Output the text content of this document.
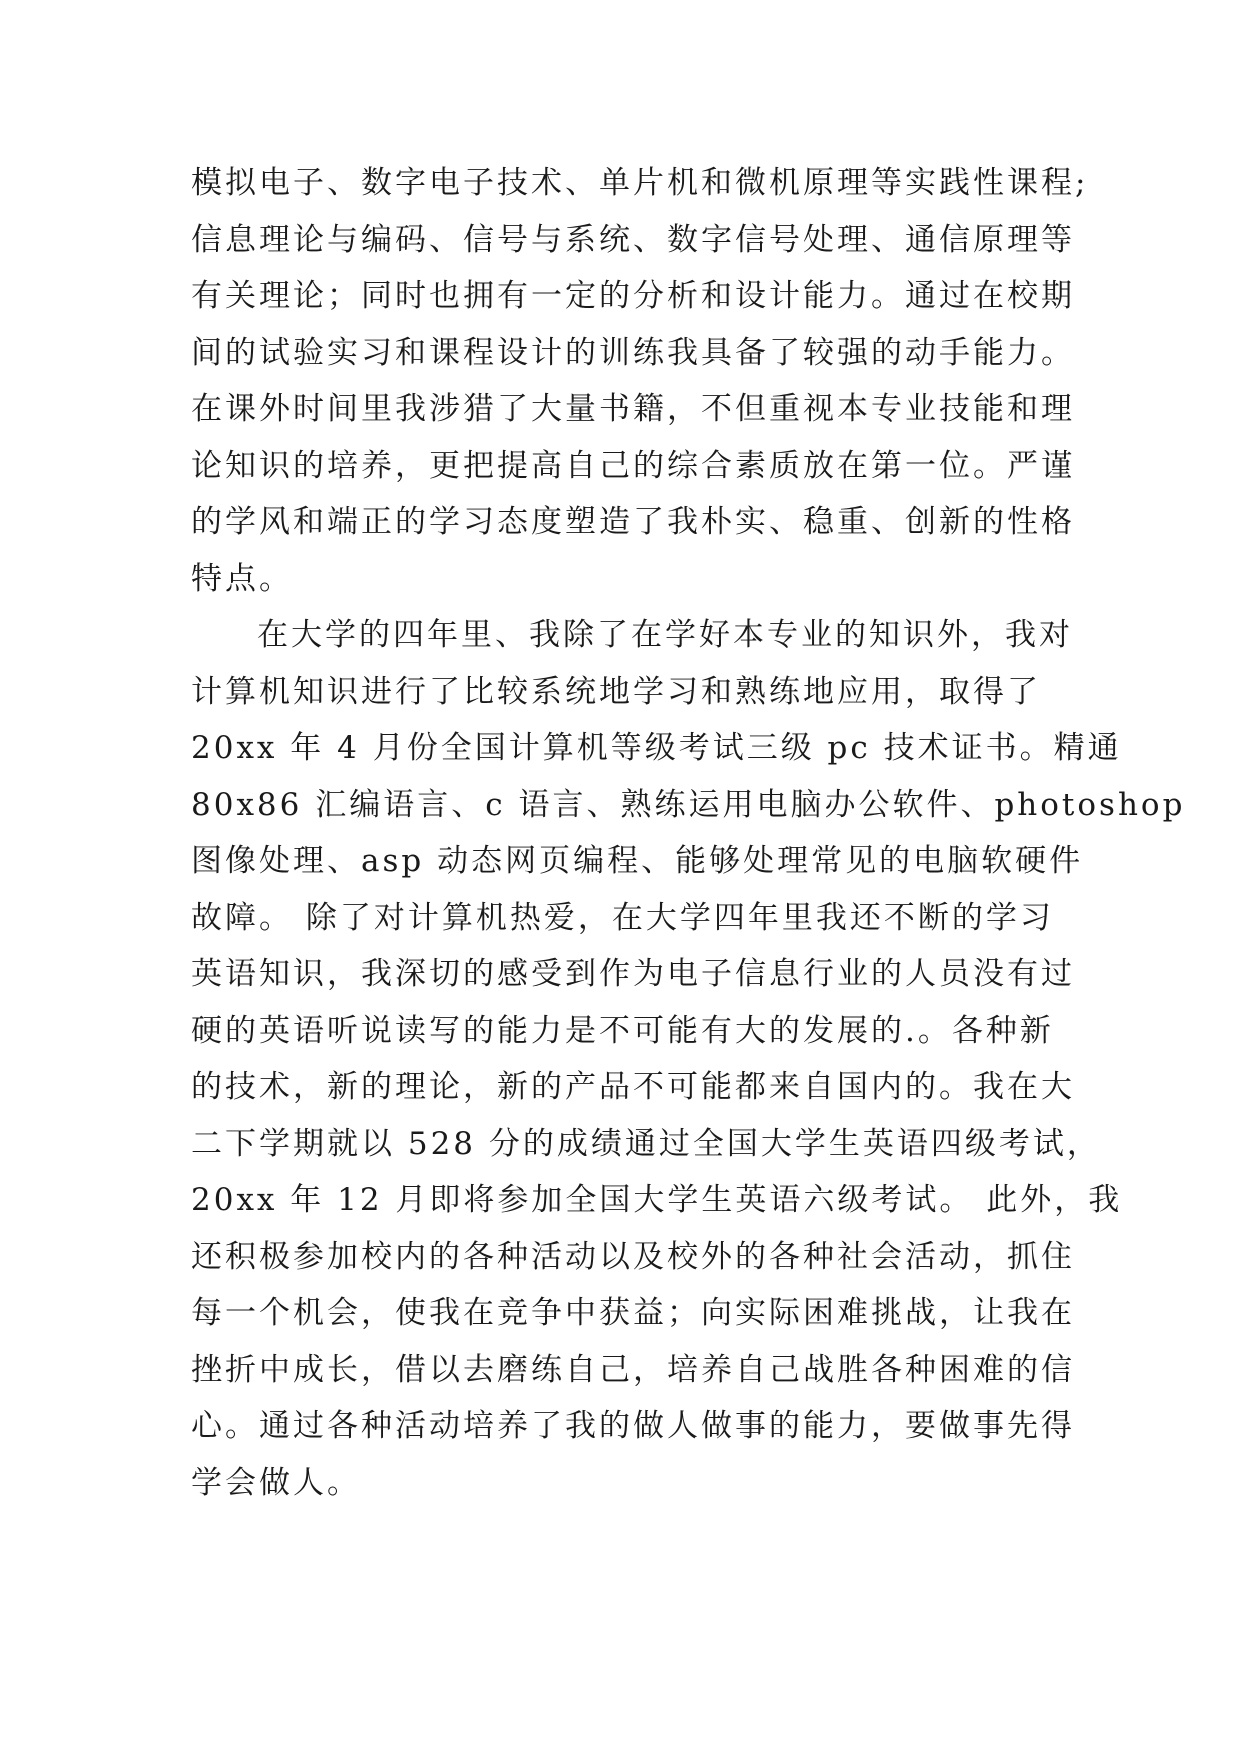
模拟电子、数字电子技术、单片机和微机原理等实践性课程;
信息理论与编码、信号与系统、数字信号处理、通信原理等
有关理论；同时也拥有一定的分析和设计能力。通过在校期
间的试验实习和课程设计的训练我具备了较强的动手能力。
在课外时间里我涉猎了大量书籍，不但重视本专业技能和理
论知识的培养，更把提高自己的综合素质放在第一位。严谨
的学风和端正的学习态度塑造了我朴实、稳重、创新的性格
特点。
在大学的四年里、我除了在学好本专业的知识外，我对
计算机知识进行了比较系统地学习和熟练地应用，取得了
20xx 年 4 月份全国计算机等级考试三级 pc 技术证书。精通
80x86 汇编语言、c 语言、熟练运用电脑办公软件、photoshop
图像处理、asp 动态网页编程、能够处理常见的电脑软硬件
故障。 除了对计算机热爱，在大学四年里我还不断的学习
英语知识，我深切的感受到作为电子信息行业的人员没有过
硬的英语听说读写的能力是不可能有大的发展的.。各种新
的技术，新的理论，新的产品不可能都来自国内的。我在大
二下学期就以 528 分的成绩通过全国大学生英语四级考试，
20xx 年 12 月即将参加全国大学生英语六级考试。 此外，我
还积极参加校内的各种活动以及校外的各种社会活动，抓住
每一个机会，使我在竞争中获益；向实际困难挑战，让我在
挫折中成长，借以去磨练自己，培养自己战胜各种困难的信
心。通过各种活动培养了我的做人做事的能力，要做事先得
学会做人。
